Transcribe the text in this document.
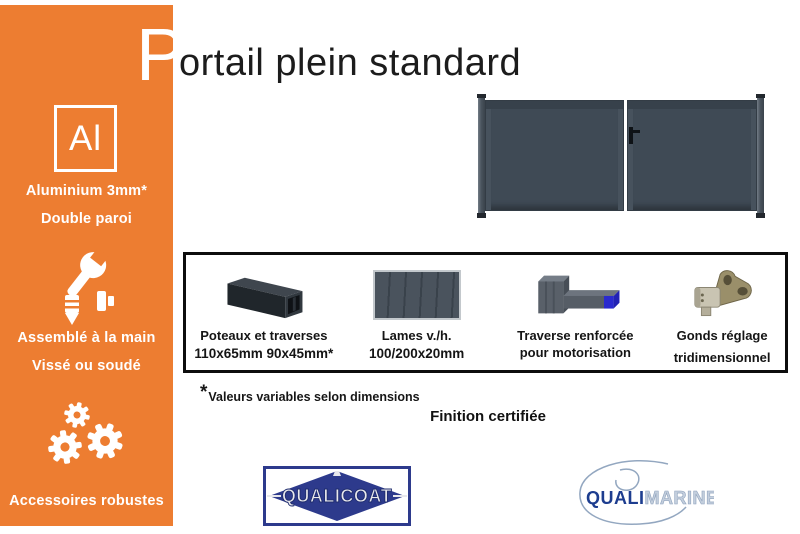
Al
Aluminium 3mm*
Double paroi
Assemblé à la main
Vissé ou soudé
Accessoires robustes
P
ortail plein standard
Poteaux et traverses
110x65mm 90x45mm*
Lames v./h.
100/200x20mm
Traverse renforcée
pour motorisation
Gonds réglage
tridimensionnel
*Valeurs variables selon dimensions
Finition certifiée
QUALICOAT	QUALIMARINE
